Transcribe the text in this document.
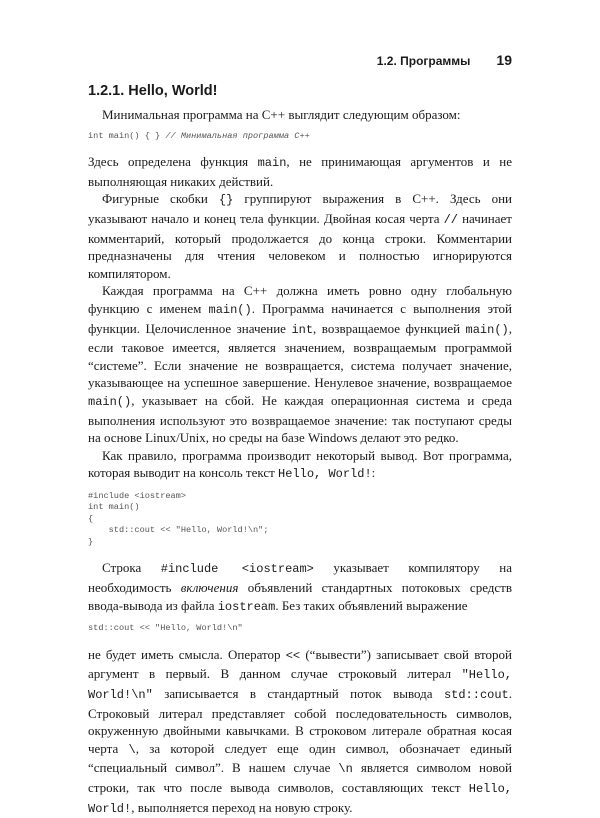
1.2. Программы 19
1.2.1. Hello, World!

Минимальная программа на C++ выглядит следующим образом:

int main() { } // Минимальная программа C++

Здесь определена функция main, не принимающая аргументов и не выполняющая никаких действий.

Фигурные скобки {} группируют выражения в C++. Здесь они указывают начало и конец тела функции. Двойная косая черта // начинает комментарий, который продолжается до конца строки. Комментарии предназначены для чтения человеком и полностью игнорируются компилятором.

Каждая программа на C++ должна иметь ровно одну глобальную функцию с именем main(). Программа начинается с выполнения этой функции. Целочисленное значение int, возвращаемое функцией main(), если таковое имеется, является значением, возвращаемым программой “системе”. Если значение не возвращается, система получает значение, указывающее на успешное завершение. Ненулевое значение, возвращаемое main(), указывает на сбой. Не каждая операционная система и среда выполнения используют это возвращаемое значение: так поступают среды на основе Linux/Unix, но среды на базе Windows делают это редко.

Как правило, программа производит некоторый вывод. Вот программа, которая выводит на консоль текст Hello, World!:

#include <iostream>
int main()
{
std::cout << "Hello, World!\n";
}

Строка #include <iostream> указывает компилятору на необходимость включения объявлений стандартных потоковых средств ввода-вывода из файла iostream. Без таких объявлений выражение

std::cout << "Hello, World!\n"

не будет иметь смысла. Оператор << (“вывести”) записывает свой второй аргумент в первый. В данном случае строковый литерал "Hello, World!\n" записывается в стандартный поток вывода std::cout. Строковый литерал представляет собой последовательность символов, окруженную двойными кавычками. В строковом литерале обратная косая черта \, за которой следует еще один символ, обозначает единый “специальный символ”. В нашем случае \n является символом новой строки, так что после вывода символов, составляющих текст Hello, World!, выполняется переход на новую строку.
